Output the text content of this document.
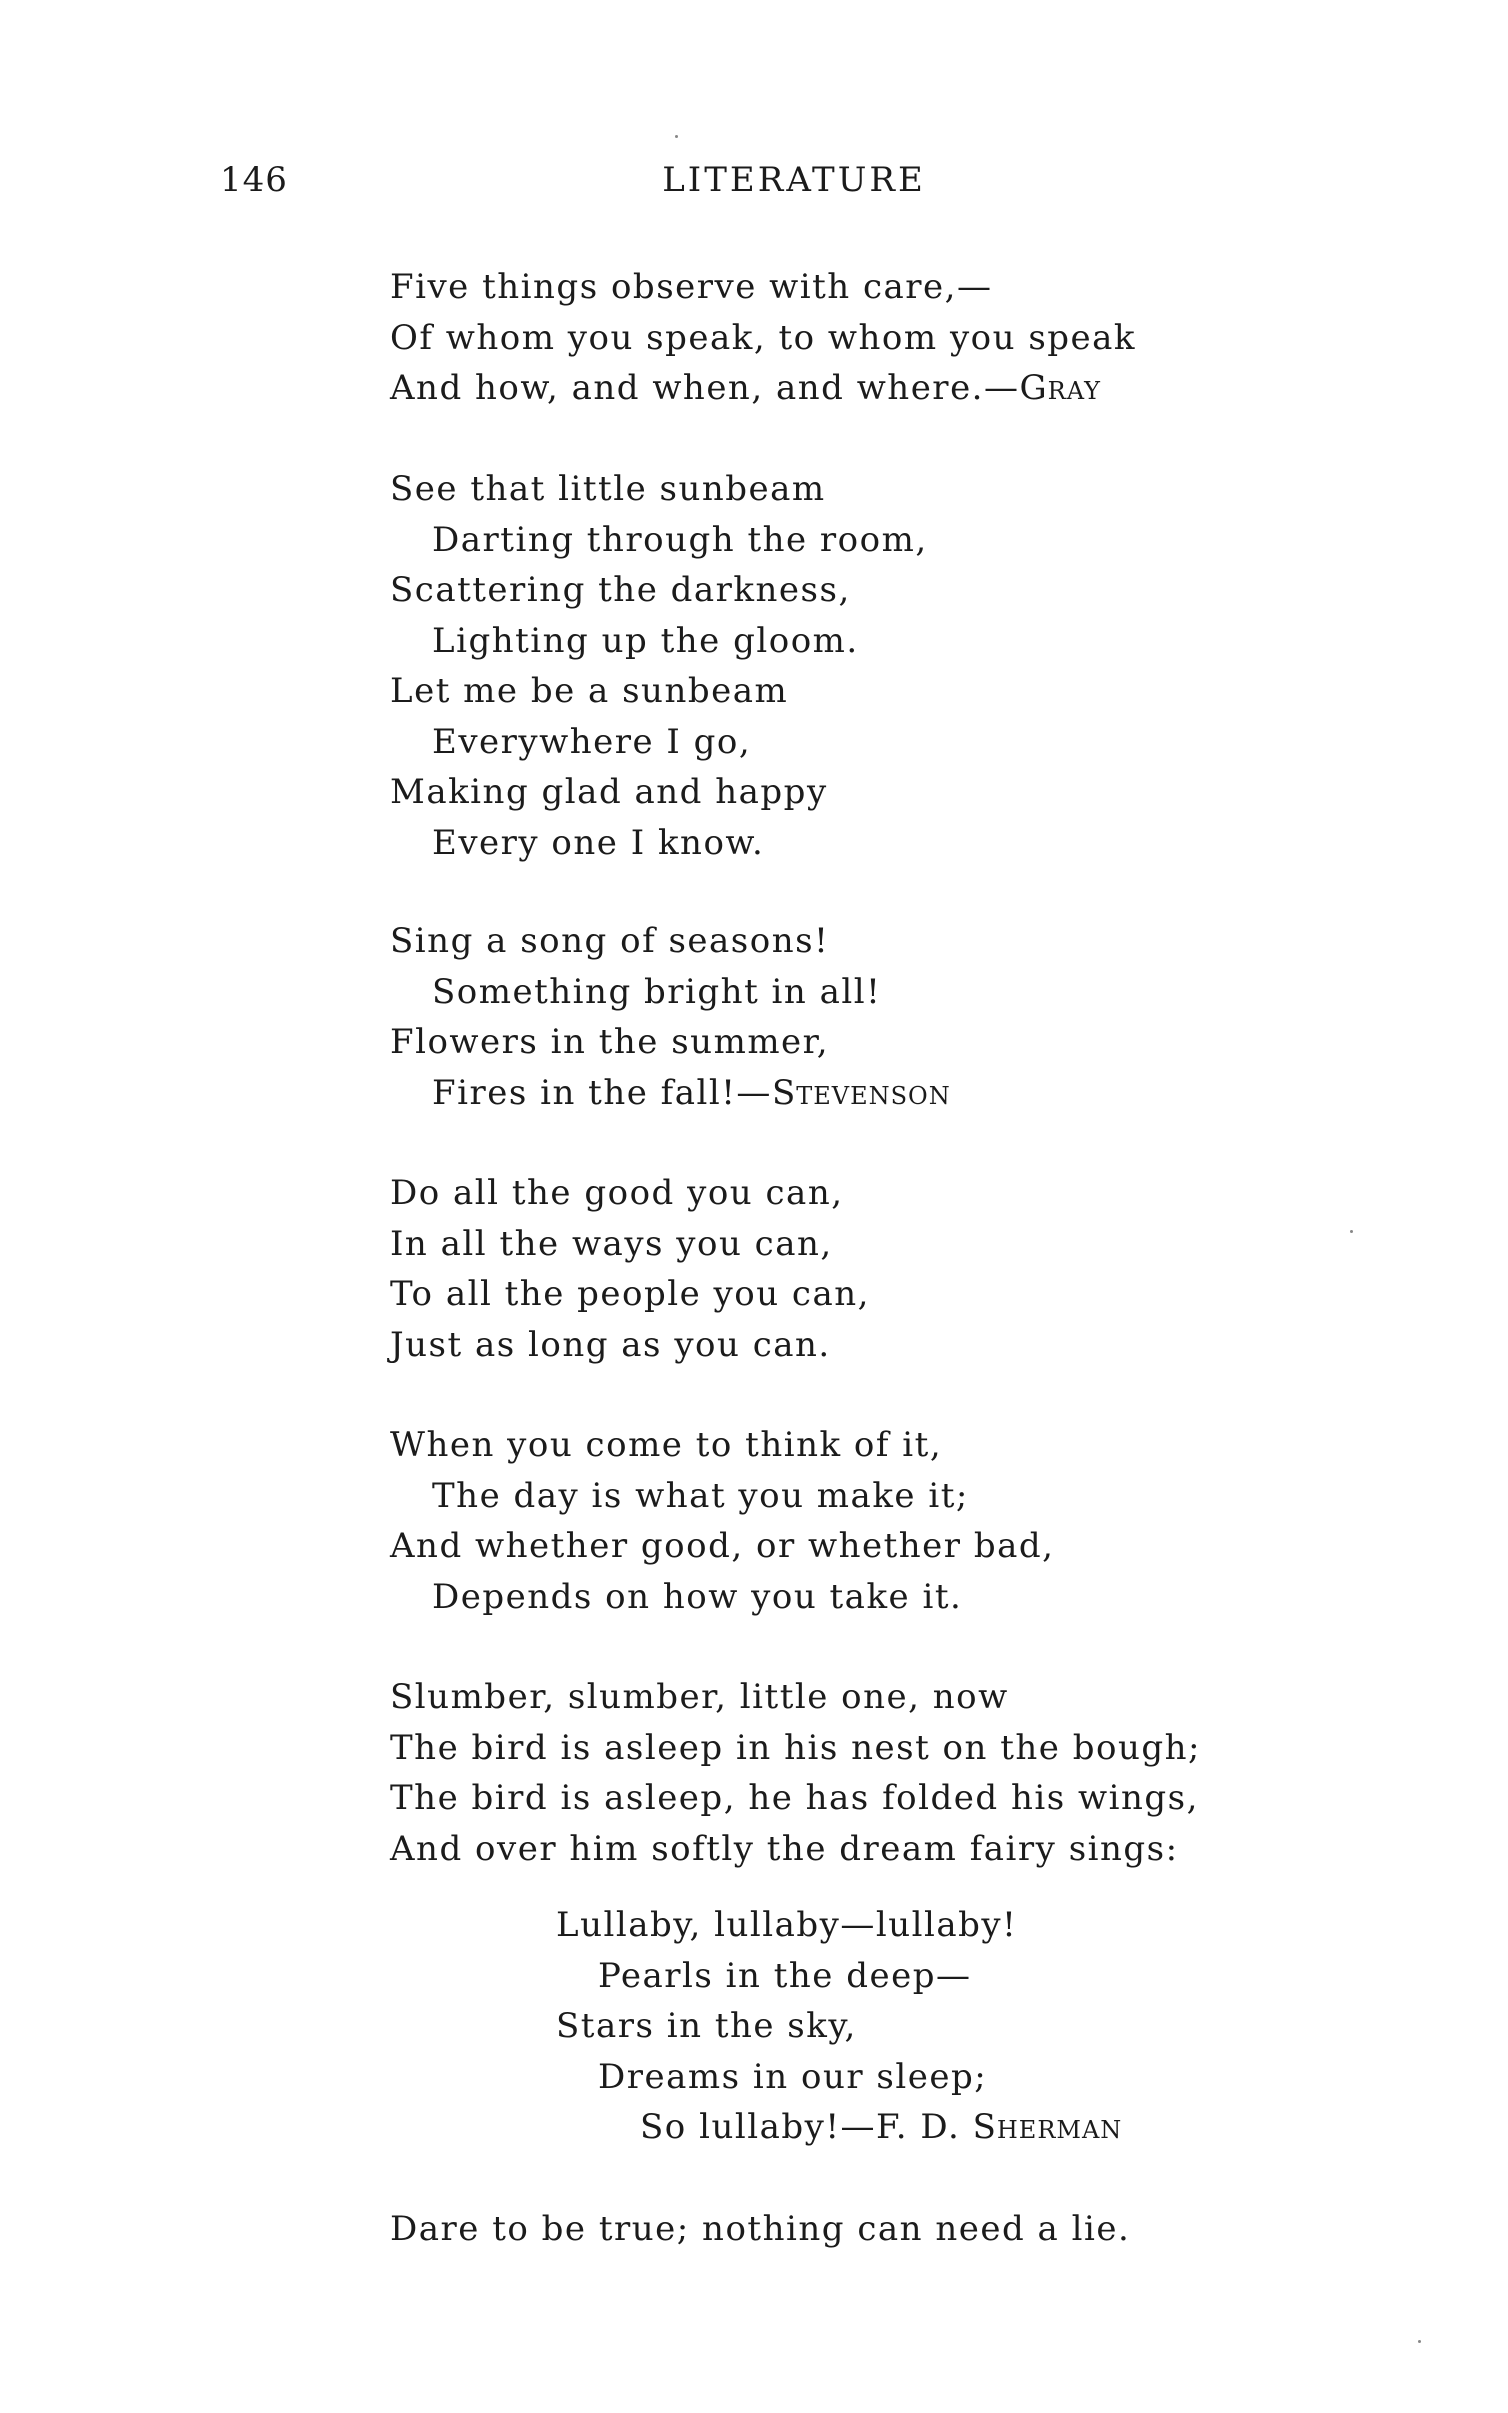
146	LITERATURE
Five things observe with care,—
Of whom you speak, to whom you speak
And how, and when, and where.—Gray
See that little sunbeam
Darting through the room,
Scattering the darkness,
Lighting up the gloom.
Let me be a sunbeam
Everywhere I go,
Making glad and happy
Every one I know.
Sing a song of seasons!
Something bright in all!
Flowers in the summer,
Fires in the fall!—Stevenson
Do all the good you can,
In all the ways you can,
To all the people you can,
Just as long as you can.
When you come to think of it,
The day is what you make it;
And whether good, or whether bad,
Depends on how you take it.
Slumber, slumber, little one, now
The bird is asleep in his nest on the bough;
The bird is asleep, he has folded his wings,
And over him softly the dream fairy sings:
Lullaby, lullaby—lullaby!
Pearls in the deep—
Stars in the sky,
Dreams in our sleep;
So lullaby!—F. D. Sherman
Dare to be true; nothing can need a lie.
